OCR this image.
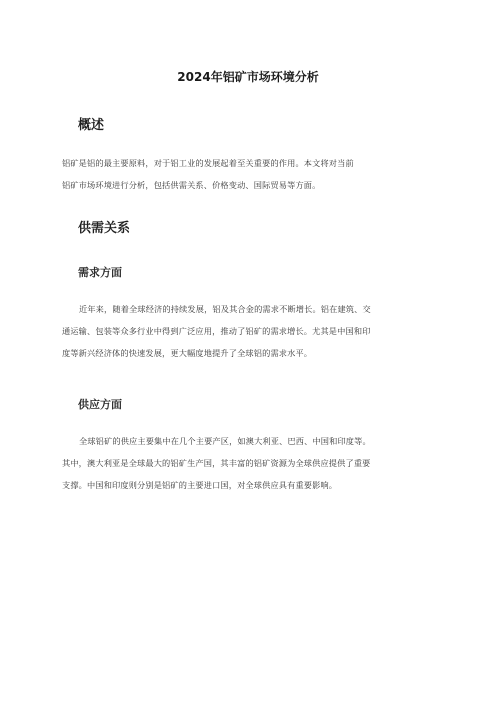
2024年铝矿市场环境分析
概述
铝矿是铝的最主要原料，对于铝工业的发展起着至关重要的作用。本文将对当前
铝矿市场环境进行分析，包括供需关系、价格变动、国际贸易等方面。
供需关系
需求方面
近年来，随着全球经济的持续发展，铝及其合金的需求不断增长。铝在建筑、交
通运输、包装等众多行业中得到广泛应用，推动了铝矿的需求增长。尤其是中国和印
度等新兴经济体的快速发展，更大幅度地提升了全球铝的需求水平。
供应方面
全球铝矿的供应主要集中在几个主要产区，如澳大利亚、巴西、中国和印度等。
其中，澳大利亚是全球最大的铝矿生产国，其丰富的铝矿资源为全球供应提供了重要
支撑。中国和印度则分别是铝矿的主要进口国，对全球供应具有重要影响。
